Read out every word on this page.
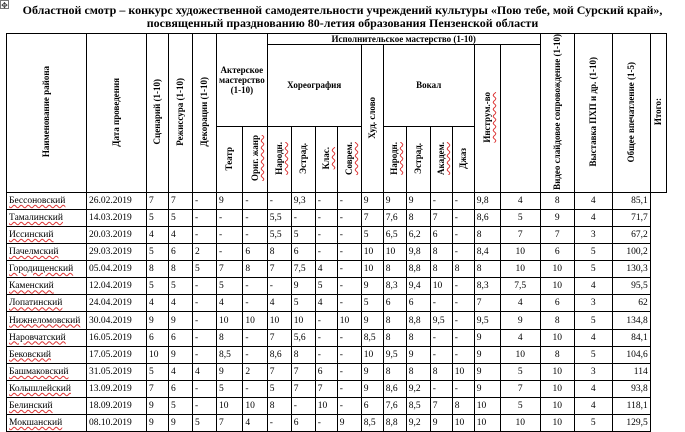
✥	Областной смотр – конкурс художественной самодеятельности учреждений культуры «Пою тебе, мой Сурский край»,
посвященный празднованию 80-летия образования Пензенской области
Наименование района	Дата проведения	Сценарий (1-10)	Режиссура (1-10)	Декорации (1-10)	Актерское мастерство (1-10)		Исполнительское мастерство (1-10)											Видео слайдовое сопровождение (1-10)	Выставка ПХП и др. (1-10)	Общее впечатление (1-5)	Итого:
							Хореография				Худ. слово	Вокал				Инструм.-во					
					Театр	Ориг. жанр	Народн.	Эстрад.	Клас.	Соврем.		Народн.	Эстрад.	Академ.	Джаз						
Бессоновский	26.02.2019	7	7	-	9	-	-	9,3	-	-	9	9	9	-	-	9,8	4	8	4	85,1	
Тамалинский	14.03.2019	5	5	-	-	-	5,5	-	-	-	7	7,6	8	7	-	8,6	5	9	4	71,7	
Иссинский	20.03.2019	4	4	-	-	-	5,5	5	-	-	5	6,5	6,2	6	-	8	7	7	3	67,2	
Пачелмский	29.03.2019	5	6	2	-	6	8	6	-	-	10	10	9,8	8	-	8,4	10	6	5	100,2	
Городищенский	05.04.2019	8	8	5	7	8	7	7,5	4	-	10	8	8,8	8	8	8	10	10	5	130,3	
Каменский	12.04.2019	5	5	-	5	-	-	9	5	-	9	8,3	9,4	10	-	8,3	7,5	10	4	95,5	
Лопатинский	24.04.2019	4	4	-	4	-	4	5	4	-	5	6	6	-	-	7	4	6	3	62	
Нижнеломовский	30.04.2019	9	9	-	10	10	10	10	-	10	9	8	8,8	9,5	-	9,5	9	8	5	134,8	
Наровчатский	16.05.2019	6	6	-	8	-	7	5,6	-	-	8,5	8	8	-	-	9	4	10	4	84,1	
Бековский	17.05.2019	10	9	-	8,5	-	8,6	8	-	-	10	9,5	9	-	-	9	10	8	5	104,6	
Башмаковский	31.05.2019	5	4	4	9	2	7	7	6	-	9	8	8	8	10	9	5	10	3	114	
Колышлейский	13.09.2019	7	6	-	5	-	5	7	7	-	9	8,6	9,2	-	-	9	7	10	4	93,8	
Белинский	18.09.2019	9	5	-	10	10	8	-	10	-	6	7,6	8,5	7	8	10	5	10	4	118,1	
Мокшанский	08.10.2019	9	9	5	7	4	-	6	-	9	8,5	8,8	9,2	9	10	10	10	10	5	129,5	
